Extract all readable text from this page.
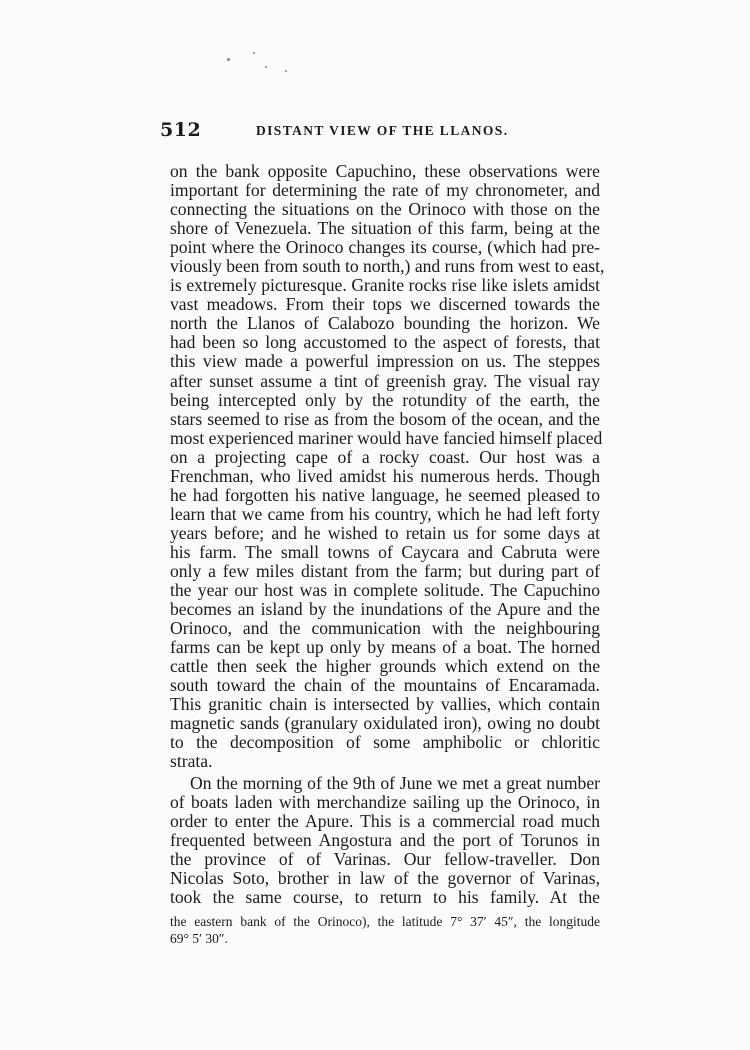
512	DISTANT VIEW OF THE LLANOS.
on the bank opposite Capuchino, these observations were
important for determining the rate of my chronometer, and
connecting the situations on the Orinoco with those on the
shore of Venezuela. The situation of this farm, being at the
point where the Orinoco changes its course, (which had pre-
viously been from south to north,) and runs from west to east,
is extremely picturesque. Granite rocks rise like islets amidst
vast meadows. From their tops we discerned towards the
north the Llanos of Calabozo bounding the horizon. We
had been so long accustomed to the aspect of forests, that
this view made a powerful impression on us. The steppes
after sunset assume a tint of greenish gray. The visual ray
being intercepted only by the rotundity of the earth, the
stars seemed to rise as from the bosom of the ocean, and the
most experienced mariner would have fancied himself placed
on a projecting cape of a rocky coast. Our host was a
Frenchman, who lived amidst his numerous herds. Though
he had forgotten his native language, he seemed pleased to
learn that we came from his country, which he had left forty
years before; and he wished to retain us for some days at
his farm. The small towns of Caycara and Cabruta were
only a few miles distant from the farm; but during part of
the year our host was in complete solitude. The Capuchino
becomes an island by the inundations of the Apure and the
Orinoco, and the communication with the neighbouring
farms can be kept up only by means of a boat. The horned
cattle then seek the higher grounds which extend on the
south toward the chain of the mountains of Encaramada.
This granitic chain is intersected by vallies, which contain
magnetic sands (granulary oxidulated iron), owing no doubt
to the decomposition of some amphibolic or chloritic
strata.
On the morning of the 9th of June we met a great number
of boats laden with merchandize sailing up the Orinoco, in
order to enter the Apure. This is a commercial road much
frequented between Angostura and the port of Torunos in
the province of of Varinas. Our fellow-traveller. Don
Nicolas Soto, brother in law of the governor of Varinas,
took the same course, to return to his family. At the
the eastern bank of the Orinoco), the latitude 7° 37′ 45″, the longitude
69° 5′ 30″.
